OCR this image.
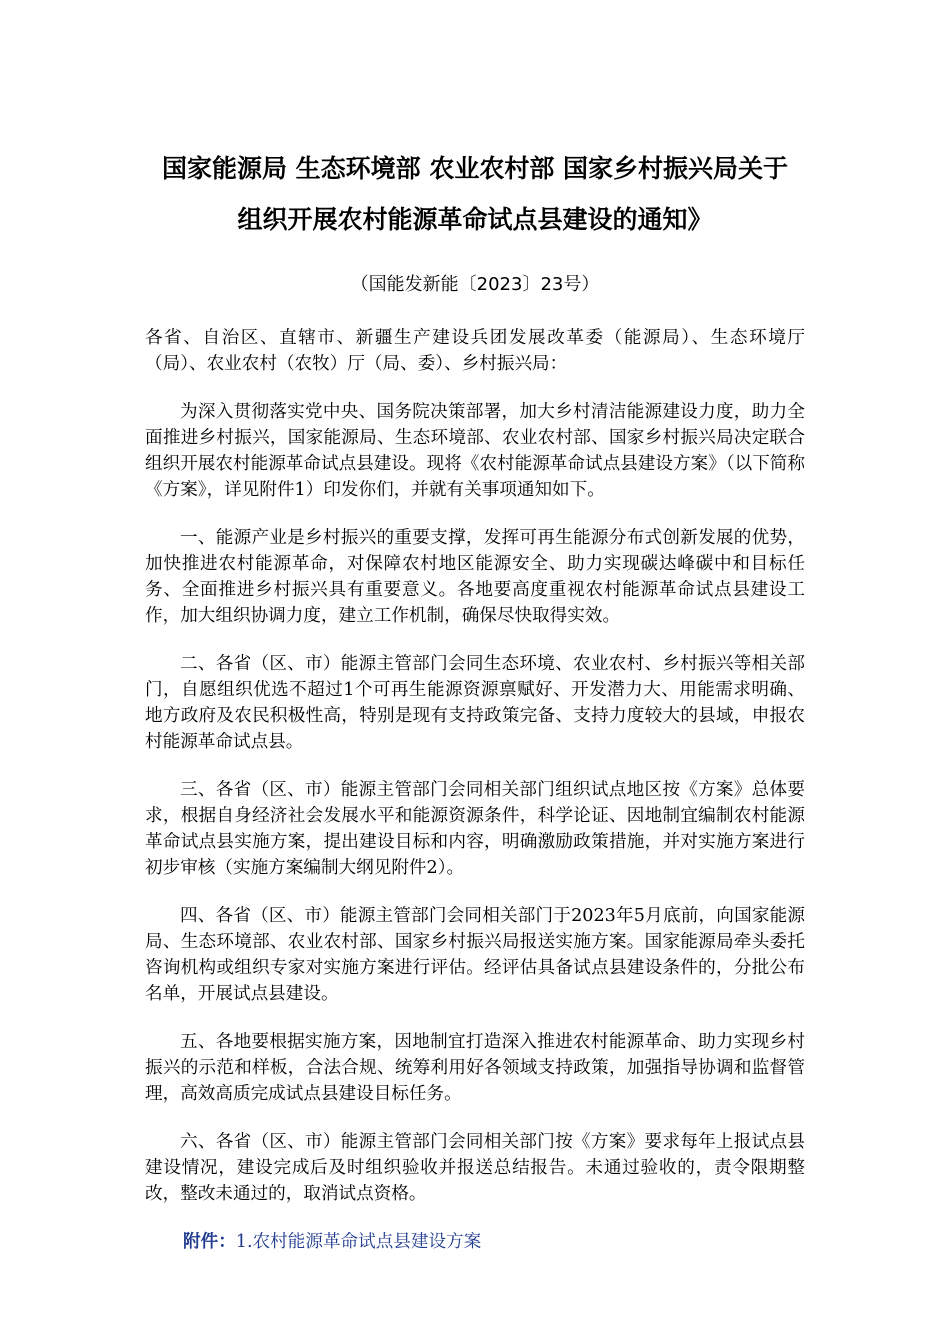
国家能源局 生态环境部 农业农村部 国家乡村振兴局关于
组织开展农村能源革命试点县建设的通知》
（国能发新能〔2023〕23号）

各省、自治区、直辖市、新疆生产建设兵团发展改革委（能源局）、生态环境厅（局）、农业农村（农牧）厅（局、委）、乡村振兴局：

为深入贯彻落实党中央、国务院决策部署，加大乡村清洁能源建设力度，助力全面推进乡村振兴，国家能源局、生态环境部、农业农村部、国家乡村振兴局决定联合组织开展农村能源革命试点县建设。现将《农村能源革命试点县建设方案》（以下简称《方案》，详见附件1）印发你们，并就有关事项通知如下。

一、能源产业是乡村振兴的重要支撑，发挥可再生能源分布式创新发展的优势，加快推进农村能源革命，对保障农村地区能源安全、助力实现碳达峰碳中和目标任务、全面推进乡村振兴具有重要意义。各地要高度重视农村能源革命试点县建设工作，加大组织协调力度，建立工作机制，确保尽快取得实效。

二、各省（区、市）能源主管部门会同生态环境、农业农村、乡村振兴等相关部门，自愿组织优选不超过1个可再生能源资源禀赋好、开发潜力大、用能需求明确、地方政府及农民积极性高，特别是现有支持政策完备、支持力度较大的县域，申报农村能源革命试点县。

三、各省（区、市）能源主管部门会同相关部门组织试点地区按《方案》总体要求，根据自身经济社会发展水平和能源资源条件，科学论证、因地制宜编制农村能源革命试点县实施方案，提出建设目标和内容，明确激励政策措施，并对实施方案进行初步审核（实施方案编制大纲见附件2）。

四、各省（区、市）能源主管部门会同相关部门于2023年5月底前，向国家能源局、生态环境部、农业农村部、国家乡村振兴局报送实施方案。国家能源局牵头委托咨询机构或组织专家对实施方案进行评估。经评估具备试点县建设条件的，分批公布名单，开展试点县建设。

五、各地要根据实施方案，因地制宜打造深入推进农村能源革命、助力实现乡村振兴的示范和样板，合法合规、统筹利用好各领域支持政策，加强指导协调和监督管理，高效高质完成试点县建设目标任务。

六、各省（区、市）能源主管部门会同相关部门按《方案》要求每年上报试点县建设情况，建设完成后及时组织验收并报送总结报告。未通过验收的，责令限期整改，整改未通过的，取消试点资格。

附件：1.农村能源革命试点县建设方案
